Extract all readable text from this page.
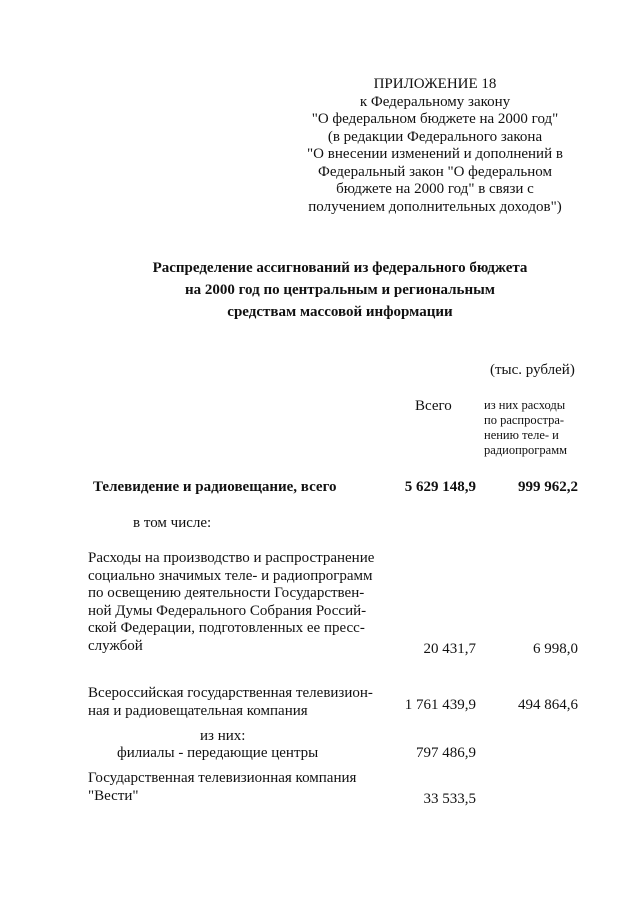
ПРИЛОЖЕНИЕ 18
к Федеральному закону
"О федеральном бюджете на 2000 год"
(в редакции Федерального закона
"О внесении изменений и дополнений в
Федеральный закон "О федеральном
бюджете на 2000 год" в связи с
получением дополнительных доходов")
Распределение ассигнований из федерального бюджета
на 2000 год по центральным и региональным
средствам массовой информации
(тыс. рублей)
Всего	из них расходы
по распростра-
нению теле- и
радиопрограмм
Телевидение и радиовещание, всего	5 629 148,9	999 962,2
в том числе:
Расходы на производство и распространение
социально значимых теле- и радиопрограмм
по освещению деятельности Государствен-
ной Думы Федерального Собрания Россий-
ской Федерации, подготовленных ее пресс-
службой	20 431,7	6 998,0
Всероссийская государственная телевизион-
ная и радиовещательная компания	1 761 439,9	494 864,6
из них:
филиалы - передающие центры	797 486,9
Государственная телевизионная компания
"Вести"	33 533,5
